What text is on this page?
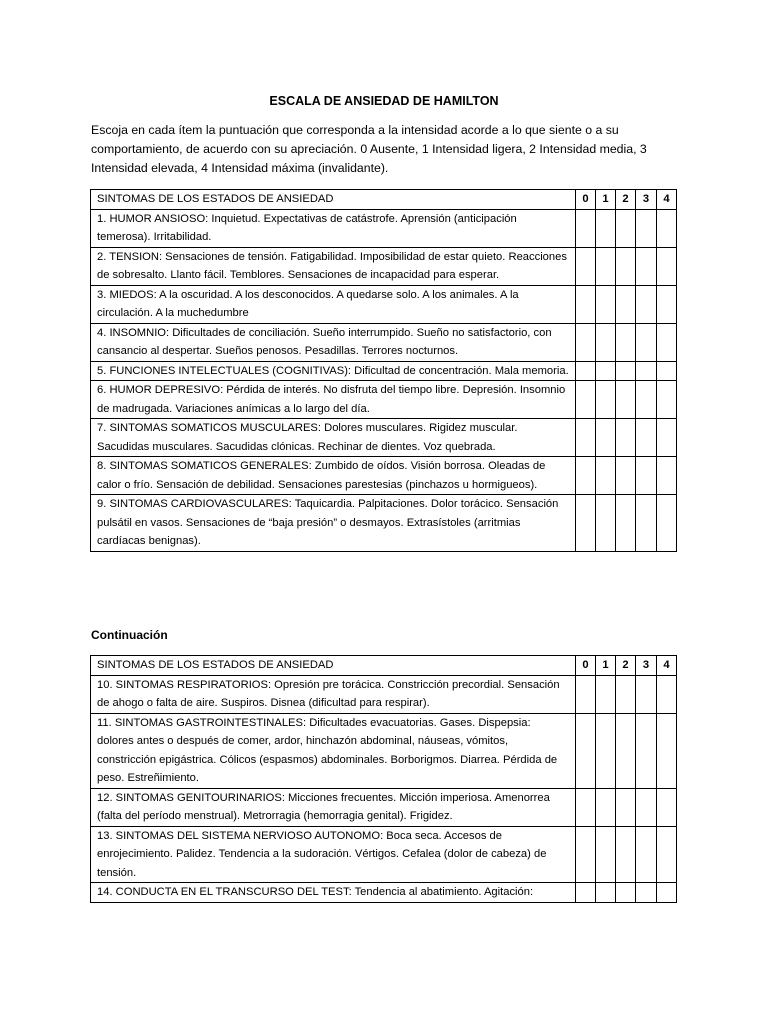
ESCALA DE ANSIEDAD DE HAMILTON
Escoja en cada ítem la puntuación que corresponda a la intensidad acorde a lo que siente o a su comportamiento, de acuerdo con su apreciación. 0 Ausente, 1 Intensidad ligera, 2 Intensidad media, 3 Intensidad elevada, 4 Intensidad máxima (invalidante).
SINTOMAS DE LOS ESTADOS DE ANSIEDAD	0	1	2	3	4
1. HUMOR ANSIOSO: Inquietud. Expectativas de catástrofe. Aprensión (anticipación temerosa). Irritabilidad.					
2. TENSION: Sensaciones de tensión. Fatigabilidad. Imposibilidad de estar quieto. Reacciones de sobresalto. Llanto fácil. Temblores. Sensaciones de incapacidad para esperar.					
3. MIEDOS: A la oscuridad. A los desconocidos. A quedarse solo. A los animales. A la circulación. A la muchedumbre					
4. INSOMNIO: Dificultades de conciliación. Sueño interrumpido. Sueño no satisfactorio, con cansancio al despertar. Sueños penosos. Pesadillas. Terrores nocturnos.					
5. FUNCIONES INTELECTUALES (COGNITIVAS): Dificultad de concentración. Mala memoria.					
6. HUMOR DEPRESIVO: Pérdida de interés. No disfruta del tiempo libre. Depresión. Insomnio de madrugada. Variaciones anímicas a lo largo del día.					
7. SINTOMAS SOMATICOS MUSCULARES: Dolores musculares. Rigidez muscular. Sacudidas musculares. Sacudidas clónicas. Rechinar de dientes. Voz quebrada.					
8. SINTOMAS SOMATICOS GENERALES: Zumbido de oídos. Visión borrosa. Oleadas de calor o frío. Sensación de debilidad. Sensaciones parestesias (pinchazos u hormigueos).					
9. SINTOMAS CARDIOVASCULARES: Taquicardia. Palpitaciones. Dolor torácico. Sensación pulsátil en vasos. Sensaciones de “baja presión” o desmayos. Extrasístoles (arritmias cardíacas benignas).					
Continuación
SINTOMAS DE LOS ESTADOS DE ANSIEDAD	0	1	2	3	4
10. SINTOMAS RESPIRATORIOS: Opresión pre torácica. Constricción precordial. Sensación de ahogo o falta de aire. Suspiros. Disnea (dificultad para respirar).					
11. SINTOMAS GASTROINTESTINALES: Dificultades evacuatorias. Gases. Dispepsia: dolores antes o después de comer, ardor, hinchazón abdominal, náuseas, vómitos, constricción epigástrica. Cólicos (espasmos) abdominales. Borborigmos. Diarrea. Pérdida de peso. Estreñimiento.					
12. SINTOMAS GENITOURINARIOS: Micciones frecuentes. Micción imperiosa. Amenorrea (falta del período menstrual). Metrorragia (hemorragia genital). Frigidez.					
13. SINTOMAS DEL SISTEMA NERVIOSO AUTONOMO: Boca seca. Accesos de enrojecimiento. Palidez. Tendencia a la sudoración. Vértigos. Cefalea (dolor de cabeza) de tensión.					
14. CONDUCTA EN EL TRANSCURSO DEL TEST: Tendencia al abatimiento. Agitación:					
